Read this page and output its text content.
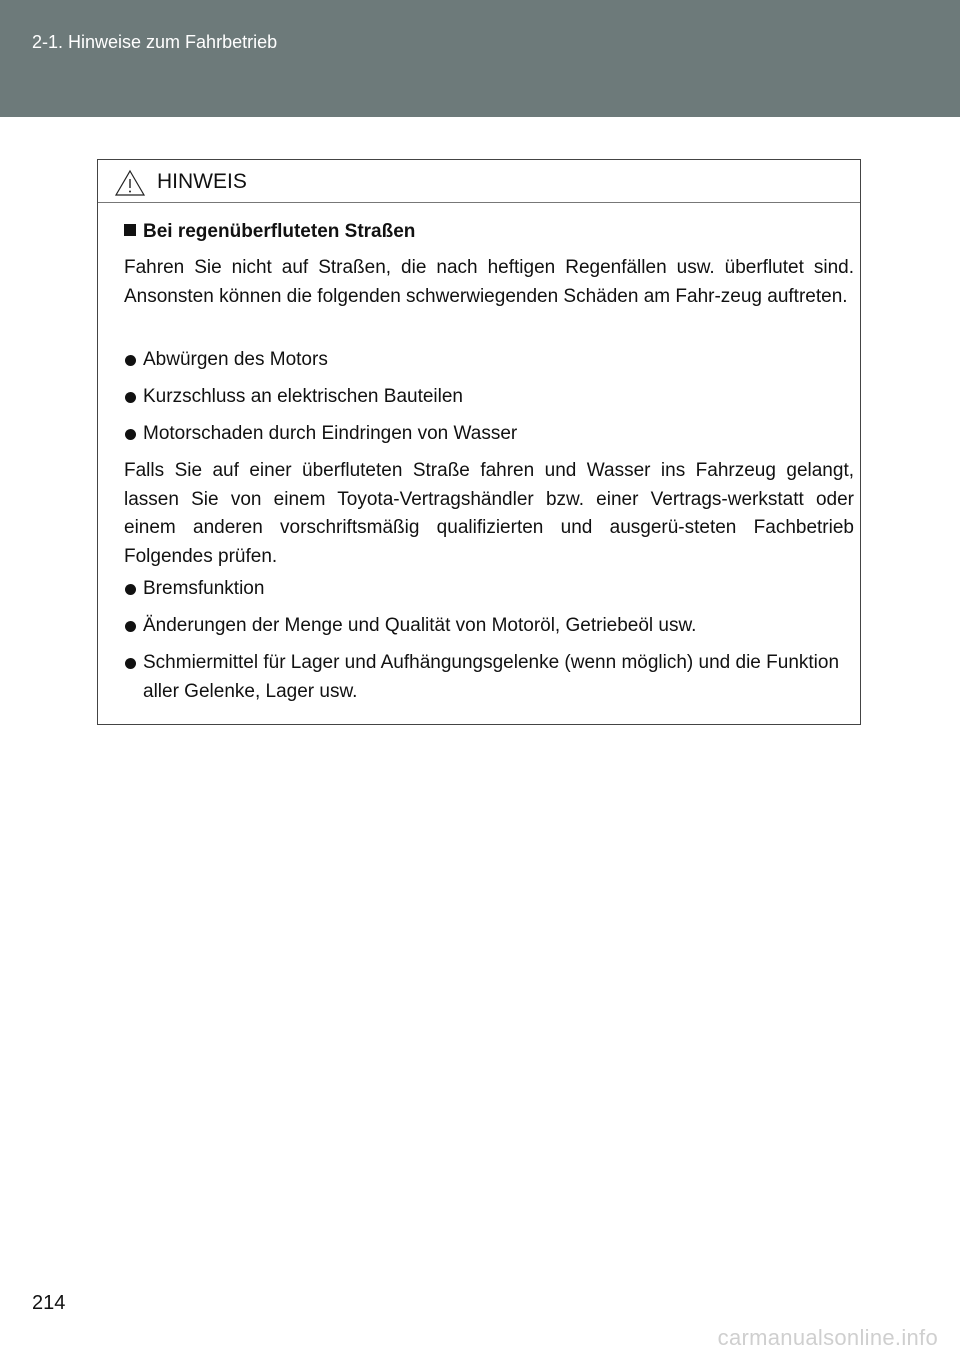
2-1. Hinweise zum Fahrbetrieb
HINWEIS
Bei regenüberfluteten Straßen
Fahren Sie nicht auf Straßen, die nach heftigen Regenfällen usw. überflutet sind. Ansonsten können die folgenden schwerwiegenden Schäden am Fahr-zeug auftreten.
Abwürgen des Motors
Kurzschluss an elektrischen Bauteilen
Motorschaden durch Eindringen von Wasser
Falls Sie auf einer überfluteten Straße fahren und Wasser ins Fahrzeug gelangt, lassen Sie von einem Toyota-Vertragshändler bzw. einer Vertrags-werkstatt oder einem anderen vorschriftsmäßig qualifizierten und ausgerü-steten Fachbetrieb Folgendes prüfen.
Bremsfunktion
Änderungen der Menge und Qualität von Motoröl, Getriebeöl usw.
Schmiermittel für Lager und Aufhängungsgelenke (wenn möglich) und die Funktion aller Gelenke, Lager usw.
214
carmanualsonline.info
